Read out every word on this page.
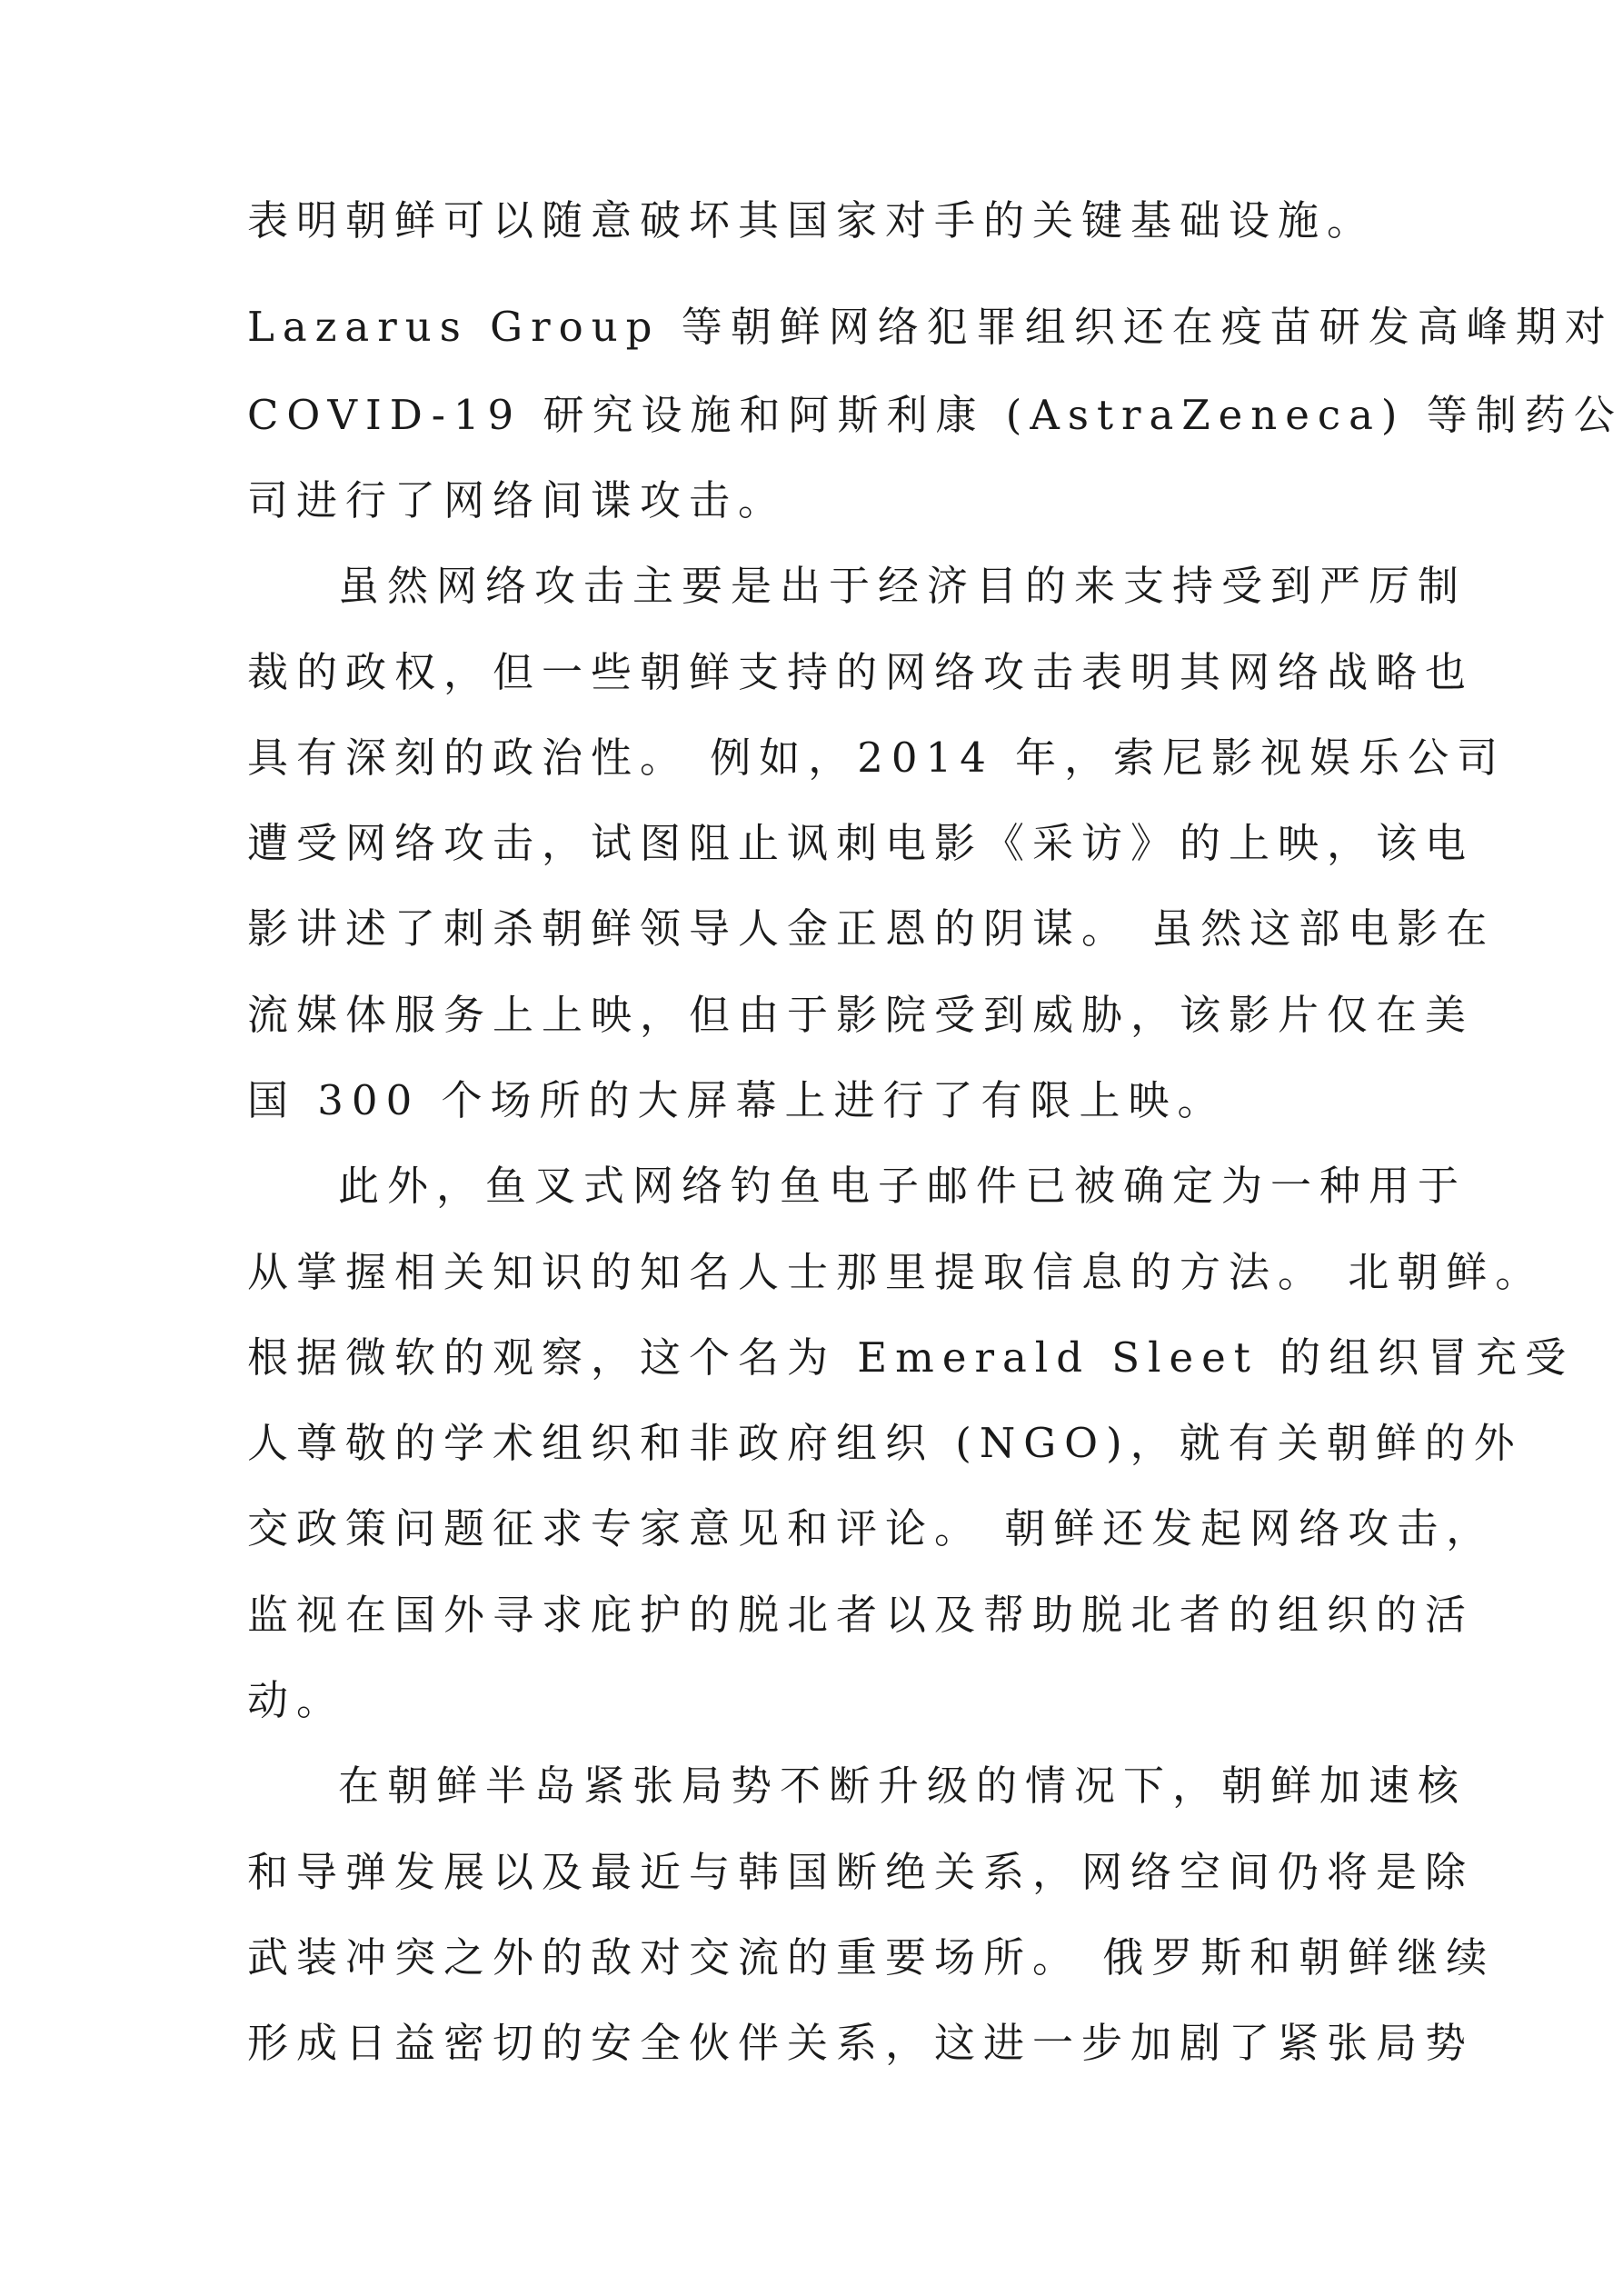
表明朝鲜可以随意破坏其国家对手的关键基础设施。
Lazarus Group 等朝鲜网络犯罪组织还在疫苗研发高峰期对
COVID-19 研究设施和阿斯利康 (AstraZeneca) 等制药公
司进行了网络间谍攻击。
虽然网络攻击主要是出于经济目的来支持受到严厉制
裁的政权，但一些朝鲜支持的网络攻击表明其网络战略也
具有深刻的政治性。 例如，2014 年，索尼影视娱乐公司
遭受网络攻击，试图阻止讽刺电影《采访》的上映，该电
影讲述了刺杀朝鲜领导人金正恩的阴谋。 虽然这部电影在
流媒体服务上上映，但由于影院受到威胁，该影片仅在美
国 300 个场所的大屏幕上进行了有限上映。
此外，鱼叉式网络钓鱼电子邮件已被确定为一种用于
从掌握相关知识的知名人士那里提取信息的方法。 北朝鲜。
根据微软的观察，这个名为 Emerald Sleet 的组织冒充受
人尊敬的学术组织和非政府组织 (NGO)，就有关朝鲜的外
交政策问题征求专家意见和评论。 朝鲜还发起网络攻击，
监视在国外寻求庇护的脱北者以及帮助脱北者的组织的活
动。
在朝鲜半岛紧张局势不断升级的情况下，朝鲜加速核
和导弹发展以及最近与韩国断绝关系，网络空间仍将是除
武装冲突之外的敌对交流的重要场所。 俄罗斯和朝鲜继续
形成日益密切的安全伙伴关系，这进一步加剧了紧张局势
